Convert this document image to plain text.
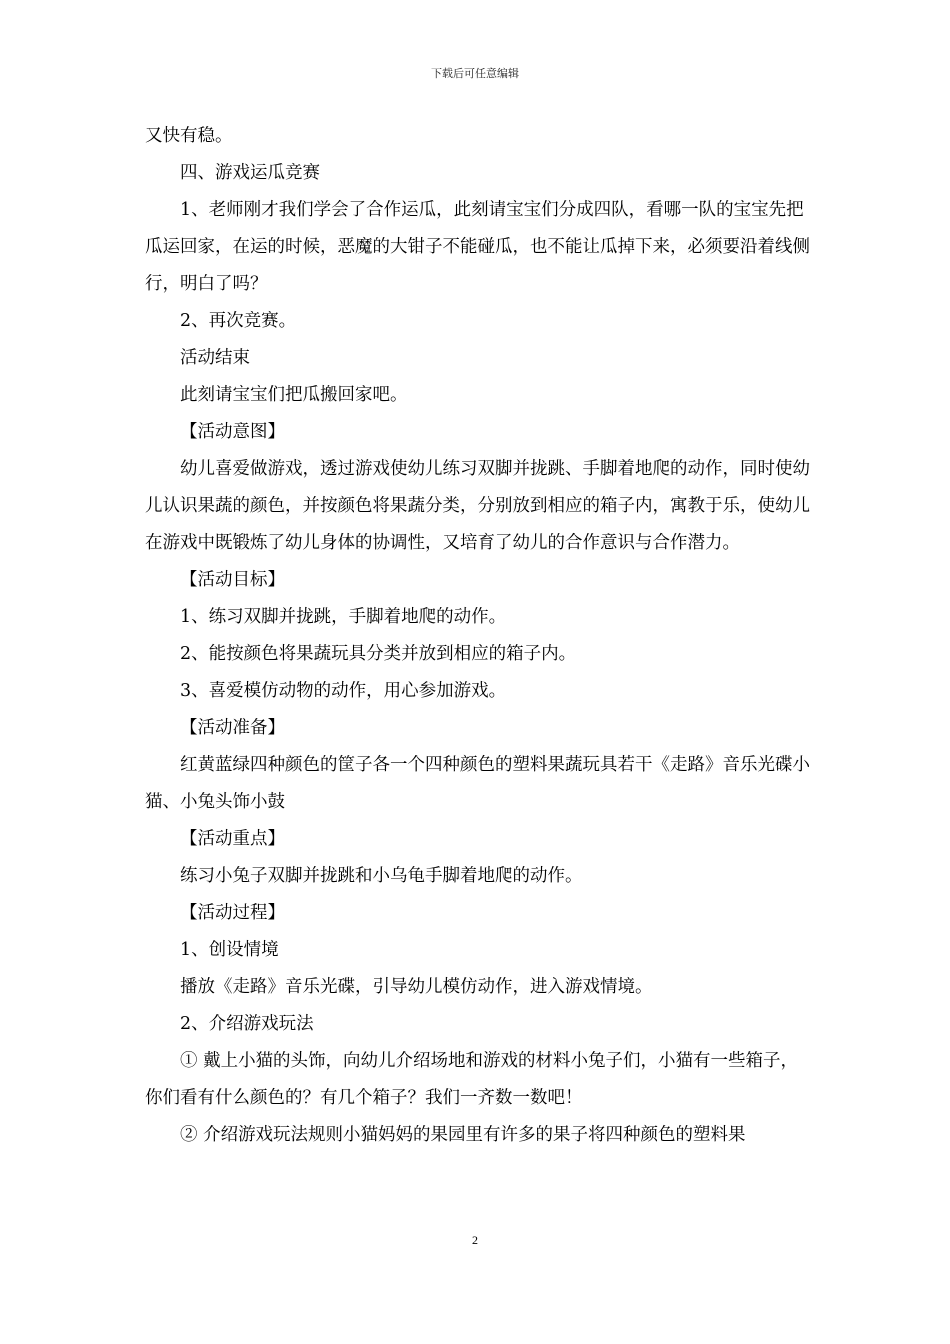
下载后可任意编辑

又快有稳。

四、游戏运瓜竞赛

1、老师刚才我们学会了合作运瓜，此刻请宝宝们分成四队，看哪一队的宝宝先把瓜运回家，在运的时候，恶魔的大钳子不能碰瓜，也不能让瓜掉下来，必须要沿着线侧行，明白了吗？

2、再次竞赛。

活动结束

此刻请宝宝们把瓜搬回家吧。

【活动意图】

幼儿喜爱做游戏，透过游戏使幼儿练习双脚并拢跳、手脚着地爬的动作，同时使幼儿认识果蔬的颜色，并按颜色将果蔬分类，分别放到相应的箱子内，寓教于乐，使幼儿在游戏中既锻炼了幼儿身体的协调性，又培育了幼儿的合作意识与合作潜力。

【活动目标】

1、练习双脚并拢跳，手脚着地爬的动作。

2、能按颜色将果蔬玩具分类并放到相应的箱子内。

3、喜爱模仿动物的动作，用心参加游戏。

【活动准备】

红黄蓝绿四种颜色的筐子各一个四种颜色的塑料果蔬玩具若干《走路》音乐光碟小猫、小兔头饰小鼓

【活动重点】

练习小兔子双脚并拢跳和小乌龟手脚着地爬的动作。

【活动过程】

1、创设情境

播放《走路》音乐光碟，引导幼儿模仿动作，进入游戏情境。

2、介绍游戏玩法

① 戴上小猫的头饰，向幼儿介绍场地和游戏的材料小兔子们，小猫有一些箱子，你们看有什么颜色的？有几个箱子？我们一齐数一数吧！

② 介绍游戏玩法规则小猫妈妈的果园里有许多的果子将四种颜色的塑料果

2
